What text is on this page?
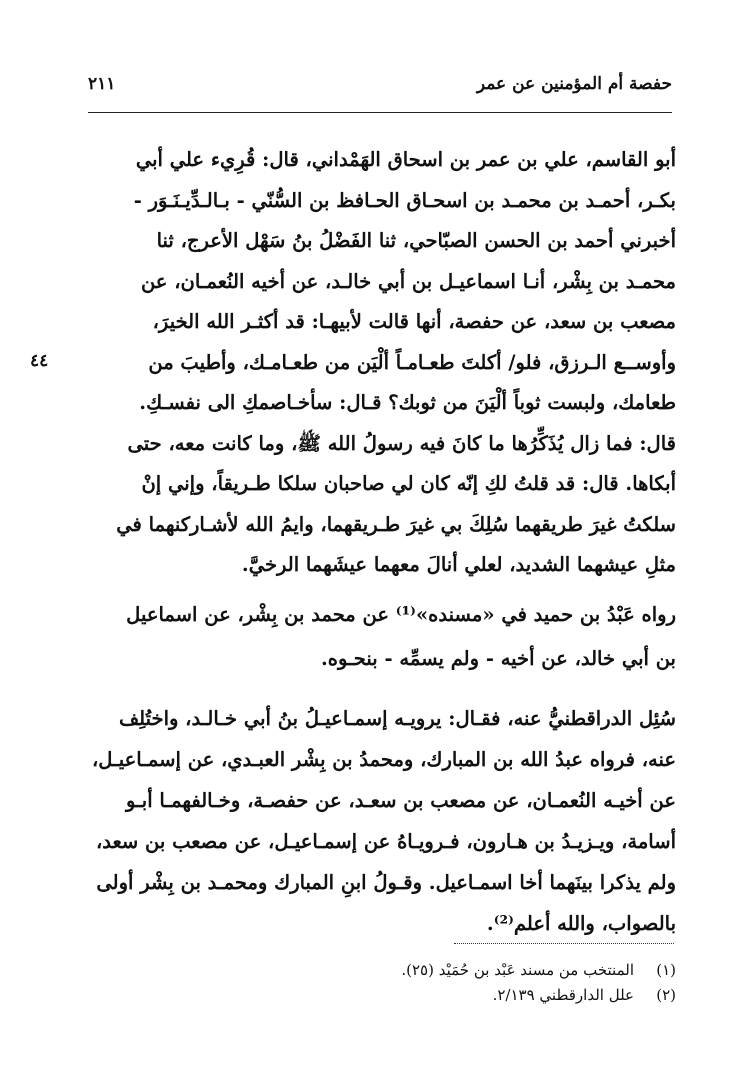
حفصة أم المؤمنين عن عمر
٢١١
٤٤
أبو القاسم، علي بن عمر بن اسحاق الهَمْداني، قال: قُرِيء علي أبي
بكـر، أحمـد بن محمـد بن اسحـاق الحـافظ بن السُّنّي - بـالـدِّيـنَـوَر -
أخبرني أحمد بن الحسن الصبّاحي، ثنا الفَضْلُ بنُ سَهْل الأعرج، ثنا
محمـد بن بِشْر، أنـا اسماعيـل بن أبي خالـد، عن أخيه النُعمـان، عن
مصعب بن سعد، عن حفصة، أنها قالت لأبيهـا: قد أكثـر الله الخيرَ،
وأوســع الـرزق، فلو/ أكلتَ طعـامـاً ألْيَن من طعـامـك، وأطيبَ من
طعامك، ولبست ثوباً ألْيَنَ من ثوبك؟ قـال: سأخـاصمكِ الى نفسـكِ.
قال: فما زال يُذَكِّرُها ما كانَ فيه رسولُ الله ﷺ، وما كانت معه، حتى
أبكاها. قال: قد قلتُ لكِ إنّه كان لي صاحبان سلكا طـريقاً، وإني إنْ
سلكتُ غيرَ طريقهما سُلِكَ بي غيرَ طـريقهما، وايمُ الله لأشـاركنهما في
مثلِ عيشهما الشديد، لعلي أنالَ معهما عيشَهما الرخيَّ.
رواه عَبْدُ بن حميد في «مسنده»⁽¹⁾ عن محمد بن بِشْر، عن اسماعيل
بن أبي خالد، عن أخيه - ولم يسمِّه - بنحـوه.
سُئِل الدراقطنيُّ عنه، فقـال: يرويـه إسمـاعيـلُ بنُ أبي خـالـد، واختُلِف
عنه، فرواه عبدُ الله بن المبارك، ومحمدُ بن بِشْر العبـدي، عن إسمـاعيـل،
عن أخيـه النُعمـان، عن مصعب بن سعـد، عن حفصـة، وخـالفهمـا أبـو
أسامة، ويـزيـدُ بن هـارون، فـرويـاهُ عن إسمـاعيـل، عن مصعب بن سعد،
ولم يذكرا بينَهما أخا اسمـاعيل. وقـولُ ابنِ المبارك ومحمـد بن بِشْر أولى
بالصواب، والله أعلم⁽²⁾.
(١)المنتخب من مسند عَبْد بن حُمَيْد (٢٥).
(٢)علل الدارقطني ٢/١٣٩.
